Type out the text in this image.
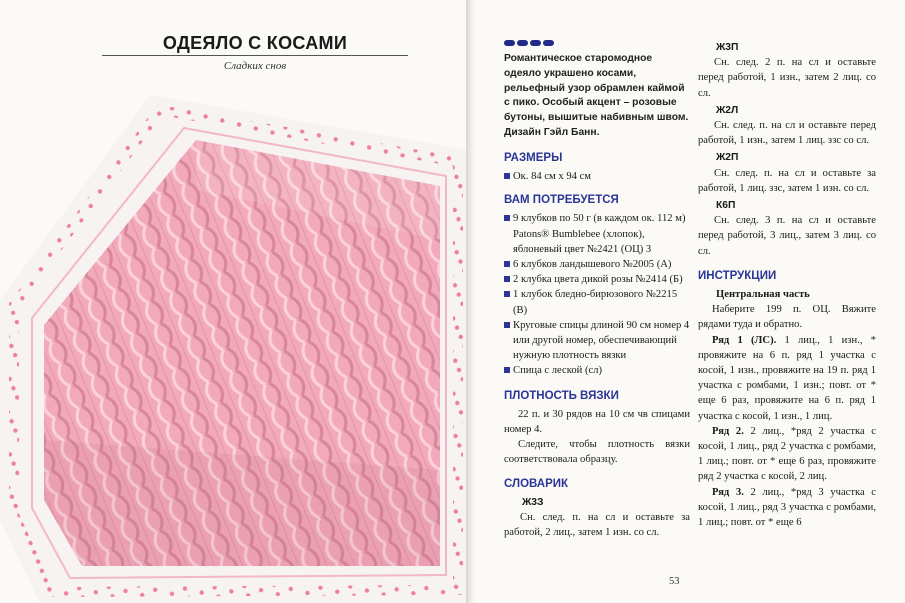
ОДЕЯЛО С КОСАМИ
Сладких снов

Романтическое старомодное одеяло украшено косами, рельефный узор обрамлен каймой с пико. Особый акцент – розовые бутоны, вышитые набивным швом. Дизайн Гэйл Банн.

РАЗМЕРЫ
Ок. 84 см х 94 см
ВАМ ПОТРЕБУЕТСЯ
9 клубков по 50 г (в каждом ок. 112 м) Patons® Bumblebee (хлопок), яблоневый цвет №2421 (ОЦ) 3
6 клубков ландышевого №2005 (А)
2 клубка цвета дикой розы №2414 (Б)
1 клубок бледно-бирюзового №2215 (В)
Круговые спицы длиной 90 см номер 4 или другой номер, обеспечивающий нужную плотность вязки
Спица с леской (сл)
ПЛОТНОСТЬ ВЯЗКИ

22 п. и 30 рядов на 10 см чв спицами номер 4.

Следите, чтобы плотность вязки соответствовала образцу.

СЛОВАРИК
Ж3З

Сн. след. п. на сл и оставьте за работой, 2 лиц., затем 1 изн. со сл.

Ж3П

Сн. след. 2 п. на сл и оставьте перед работой, 1 изн., затем 2 лиц. со сл.

Ж2Л

Сн. след. п. на сл и оставьте перед работой, 1 изн., затем 1 лиц. ззс со сл.

Ж2П

Сн. след. п. на сл и оставьте за работой, 1 лиц. ззс, затем 1 изн. со сл.

К6П

Сн. след. 3 п. на сл и оставьте перед работой, 3 лиц., затем 3 лиц. со сл.

ИНСТРУКЦИИ
Центральная часть

Наберите 199 п. ОЦ. Вяжите рядами туда и обратно.

Ряд 1 (ЛС). 1 лиц., 1 изн., * провяжите на 6 п. ряд 1 участка с косой, 1 изн., провяжите на 19 п. ряд 1 участка с ромбами, 1 изн.; повт. от * еще 6 раз, провяжите на 6 п. ряд 1 участка с косой, 1 изн., 1 лиц.

Ряд 2. 2 лиц., *ряд 2 участка с косой, 1 лиц., ряд 2 участка с ромбами, 1 лиц.; повт. от * еще 6 раз, провяжите ряд 2 участка с косой, 2 лиц.

Ряд 3. 2 лиц., *ряд 3 участка с косой, 1 лиц., ряд 3 участка с ромбами, 1 лиц.; повт. от * еще 6

53
